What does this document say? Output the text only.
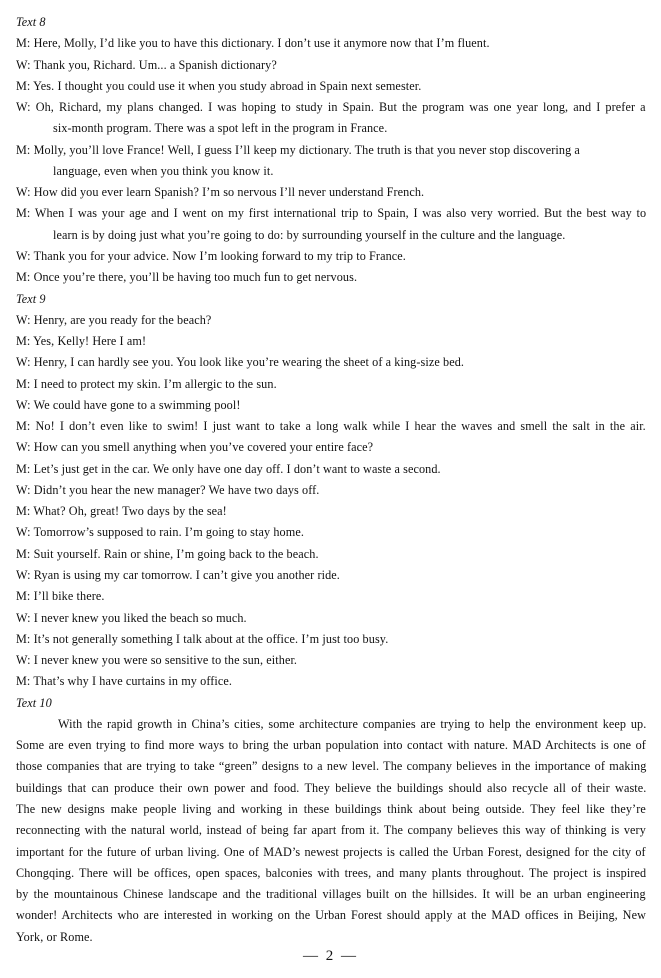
Text 8
M: Here, Molly, I’d like you to have this dictionary. I don’t use it anymore now that I’m fluent.
W: Thank you, Richard. Um... a Spanish dictionary?
M: Yes. I thought you could use it when you study abroad in Spain next semester.
W: Oh, Richard, my plans changed. I was hoping to study in Spain. But the program was one year long, and I prefer a
six-month program. There was a spot left in the program in France.
M: Molly, you’ll love France! Well, I guess I’ll keep my dictionary. The truth is that you never stop discovering a
language, even when you think you know it.
W: How did you ever learn Spanish? I’m so nervous I’ll never understand French.
M: When I was your age and I went on my first international trip to Spain, I was also very worried. But the best way to
learn is by doing just what you’re going to do: by surrounding yourself in the culture and the language.
W: Thank you for your advice. Now I’m looking forward to my trip to France.
M: Once you’re there, you’ll be having too much fun to get nervous.
Text 9
W: Henry, are you ready for the beach?
M: Yes, Kelly! Here I am!
W: Henry, I can hardly see you. You look like you’re wearing the sheet of a king-size bed.
M: I need to protect my skin. I’m allergic to the sun.
W: We could have gone to a swimming pool!
M: No! I don’t even like to swim! I just want to take a long walk while I hear the waves and smell the salt in the air.
W: How can you smell anything when you’ve covered your entire face?
M: Let’s just get in the car. We only have one day off. I don’t want to waste a second.
W: Didn’t you hear the new manager? We have two days off.
M: What? Oh, great! Two days by the sea!
W: Tomorrow’s supposed to rain. I’m going to stay home.
M: Suit yourself. Rain or shine, I’m going back to the beach.
W: Ryan is using my car tomorrow. I can’t give you another ride.
M: I’ll bike there.
W: I never knew you liked the beach so much.
M: It’s not generally something I talk about at the office. I’m just too busy.
W: I never knew you were so sensitive to the sun, either.
M: That’s why I have curtains in my office.
Text 10
With the rapid growth in China’s cities, some architecture companies are trying to help the environment keep up.
Some are even trying to find more ways to bring the urban population into contact with nature. MAD Architects is one of
those companies that are trying to take “green” designs to a new level. The company believes in the importance of making
buildings that can produce their own power and food. They believe the buildings should also recycle all of their waste.
The new designs make people living and working in these buildings think about being outside. They feel like they’re
reconnecting with the natural world, instead of being far apart from it. The company believes this way of thinking is very
important for the future of urban living. One of MAD’s newest projects is called the Urban Forest, designed for the city of
Chongqing. There will be offices, open spaces, balconies with trees, and many plants throughout. The project is inspired
by the mountainous Chinese landscape and the traditional villages built on the hillsides. It will be an urban engineering
wonder! Architects who are interested in working on the Urban Forest should apply at the MAD offices in Beijing, New
York, or Rome.
— 2 —
